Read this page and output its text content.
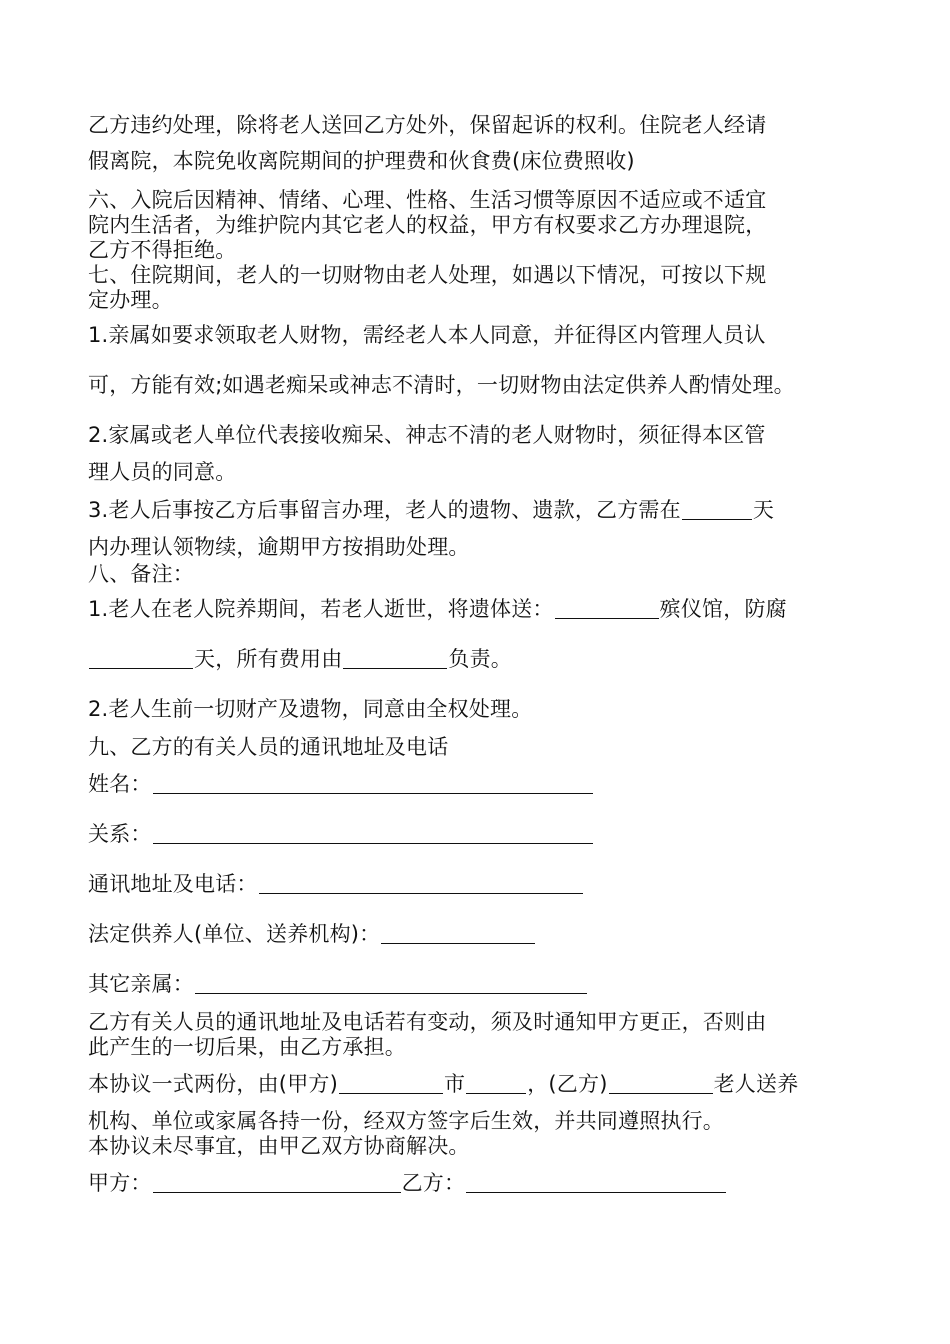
乙方违约处理，除将老人送回乙方处外，保留起诉的权利。住院老人经请
假离院，本院免收离院期间的护理费和伙食费(床位费照收)
六、入院后因精神、情绪、心理、性格、生活习惯等原因不适应或不适宜
院内生活者，为维护院内其它老人的权益，甲方有权要求乙方办理退院，
乙方不得拒绝。
七、住院期间，老人的一切财物由老人处理，如遇以下情况，可按以下规
定办理。
1.亲属如要求领取老人财物，需经老人本人同意，并征得区内管理人员认
可，方能有效;如遇老痴呆或神志不清时，一切财物由法定供养人酌情处理。
2.家属或老人单位代表接收痴呆、神志不清的老人财物时，须征得本区管
理人员的同意。
3.老人后事按乙方后事留言办理，老人的遗物、遗款，乙方需在	天
内办理认领物续，逾期甲方按捐助处理。
八、备注：
1.老人在老人院养期间，若老人逝世，将遗体送：	殡仪馆，防腐
天，所有费用由	负责。
2.老人生前一切财产及遗物，同意由全权处理。
九、乙方的有关人员的通讯地址及电话
姓名：
关系：
通讯地址及电话：
法定供养人(单位、送养机构)：
其它亲属：
乙方有关人员的通讯地址及电话若有变动，须及时通知甲方更正，否则由
此产生的一切后果，由乙方承担。
本协议一式两份，由(甲方)	市	，(乙方)	老人送养
机构、单位或家属各持一份，经双方签字后生效，并共同遵照执行。
本协议未尽事宜，由甲乙双方协商解决。
甲方：	乙方：
